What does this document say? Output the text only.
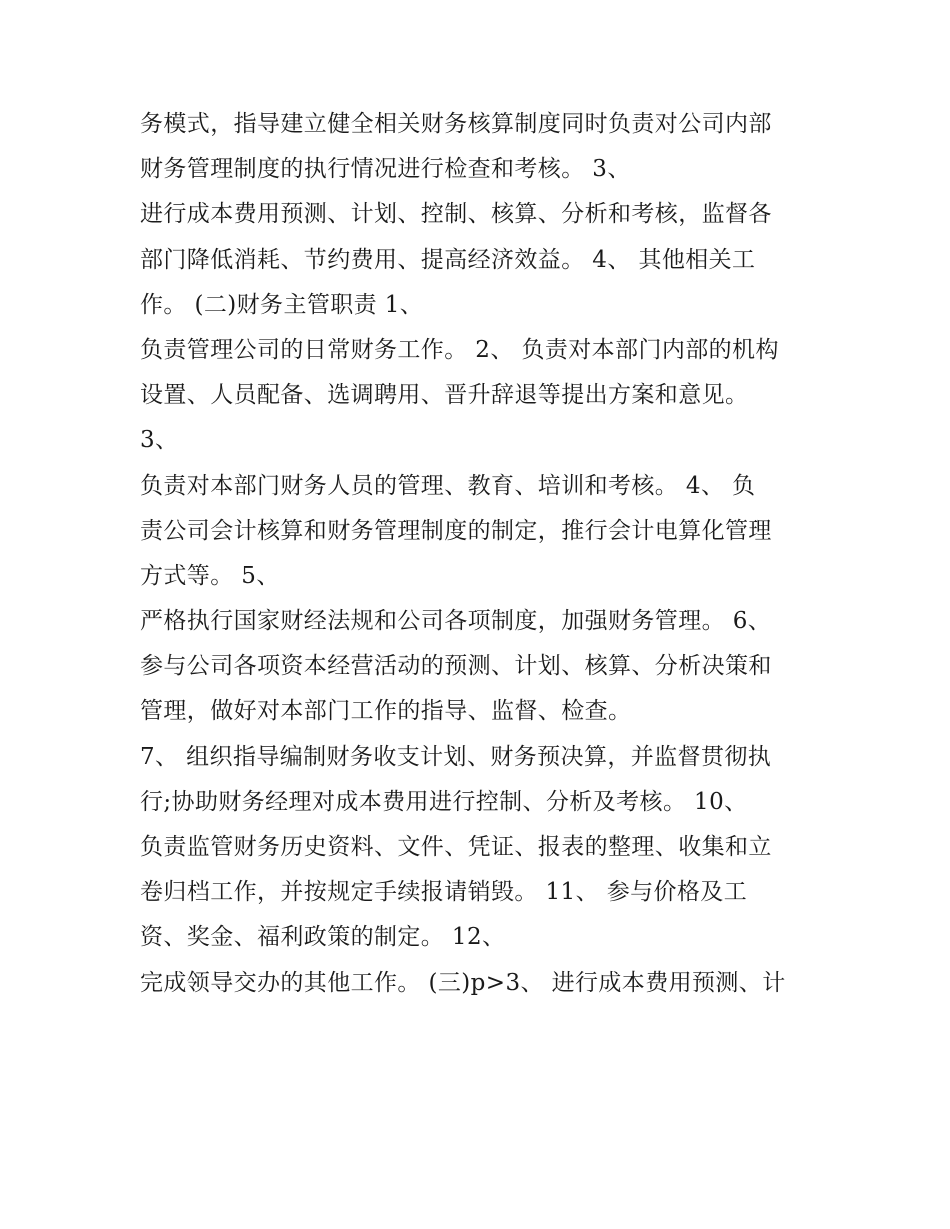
务模式，指导建立健全相关财务核算制度同时负责对公司内部
财务管理制度的执行情况进行检查和考核。 3、
进行成本费用预测、计划、控制、核算、分析和考核，监督各
部门降低消耗、节约费用、提高经济效益。 4、 其他相关工
作。 (二)财务主管职责 1、
负责管理公司的日常财务工作。 2、 负责对本部门内部的机构
设置、人员配备、选调聘用、晋升辞退等提出方案和意见。
3、
负责对本部门财务人员的管理、教育、培训和考核。 4、 负
责公司会计核算和财务管理制度的制定，推行会计电算化管理
方式等。 5、
严格执行国家财经法规和公司各项制度，加强财务管理。 6、
参与公司各项资本经营活动的预测、计划、核算、分析决策和
管理，做好对本部门工作的指导、监督、检查。
7、 组织指导编制财务收支计划、财务预决算，并监督贯彻执
行;协助财务经理对成本费用进行控制、分析及考核。 10、
负责监管财务历史资料、文件、凭证、报表的整理、收集和立
卷归档工作，并按规定手续报请销毁。 11、 参与价格及工
资、奖金、福利政策的制定。 12、
完成领导交办的其他工作。 (三)p>3、 进行成本费用预测、计
